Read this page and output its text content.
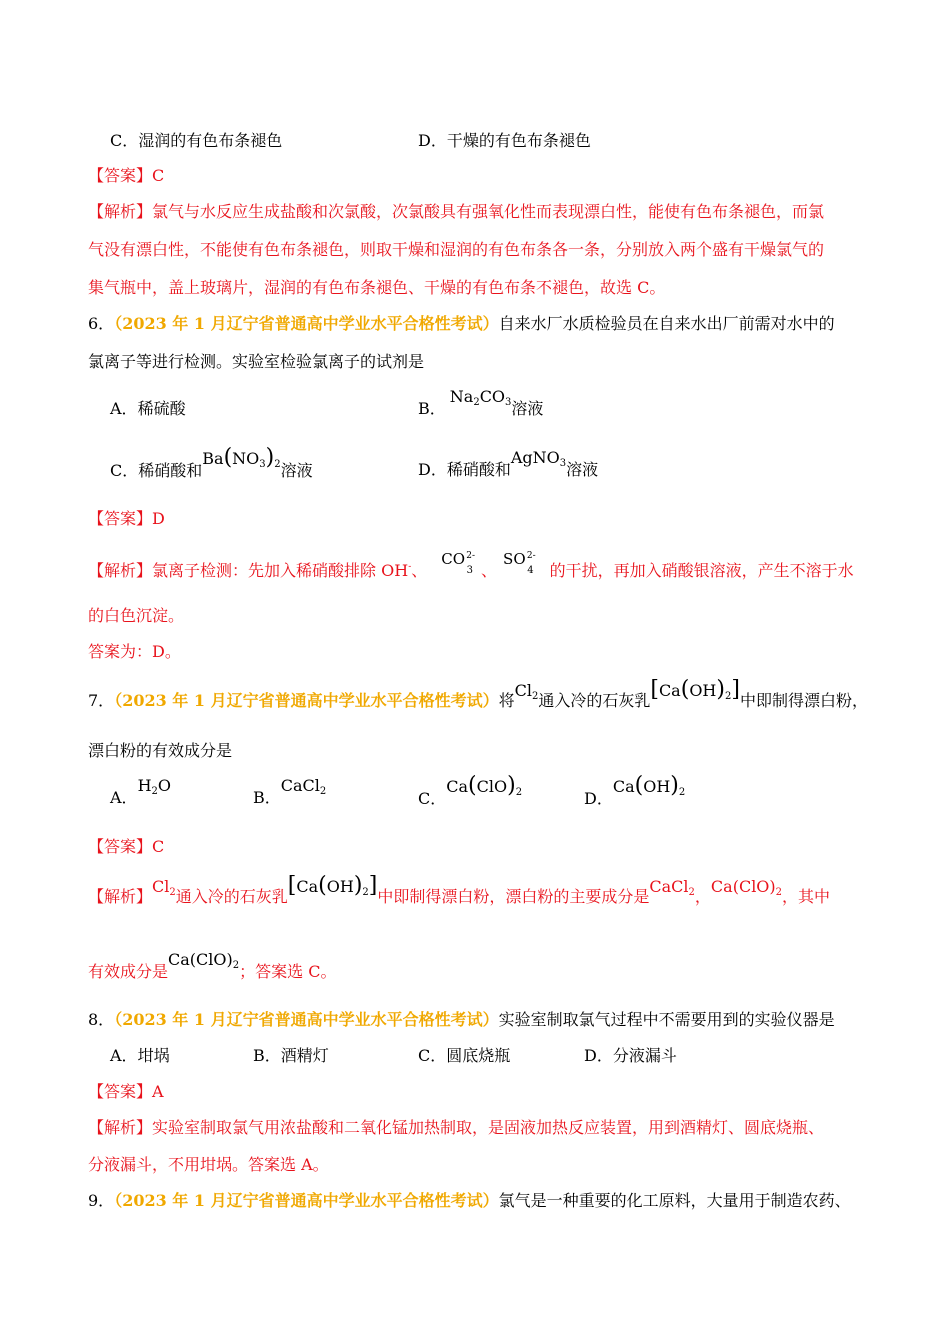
C．湿润的有色布条褪色	D．干燥的有色布条褪色
【答案】C
【解析】氯气与水反应生成盐酸和次氯酸，次氯酸具有强氧化性而表现漂白性，能使有色布条褪色，而氯
气没有漂白性，不能使有色布条褪色，则取干燥和湿润的有色布条各一条，分别放入两个盛有干燥氯气的
集气瓶中，盖上玻璃片，湿润的有色布条褪色、干燥的有色布条不褪色，故选 C。
6．（2023 年 1 月辽宁省普通高中学业水平合格性考试）自来水厂水质检验员在自来水出厂前需对水中的
氯离子等进行检测。实验室检验氯离子的试剂是
A．稀硫酸	B．$Na_2CO_3$溶液
C．稀硝酸和$Ba(NO_3)_2$溶液	D．稀硝酸和AgNO$_3$溶液
【答案】D
【解析】氯离子检测：先加入稀硝酸排除 OH-、CO 2-
3 、SO 2-
4 的干扰，再加入硝酸银溶液，产生不溶于水
的白色沉淀。
答案为：D。
7．（2023 年 1 月辽宁省普通高中学业水平合格性考试）将$Cl_2$通入冷的石灰乳$[Ca(OH)_2]$中即制得漂白粉，
漂白粉的有效成分是
A．$H_2O$
B．CaCl$_2$	C．$Ca(ClO)_2$	D．$Ca(OH)_2$
【答案】C
【解析】$Cl_2$通入冷的石灰乳$[Ca(OH)_2]$中即制得漂白粉，漂白粉的主要成分是CaCl$_2$，$Ca(ClO)_2$，其中
有效成分是$Ca(ClO)_2$；答案选 C。
8．（2023 年 1 月辽宁省普通高中学业水平合格性考试）实验室制取氯气过程中不需要用到的实验仪器是
A．坩埚	B．酒精灯	C．圆底烧瓶	D．分液漏斗
【答案】A
【解析】实验室制取氯气用浓盐酸和二氧化锰加热制取，是固液加热反应装置，用到酒精灯、圆底烧瓶、
分液漏斗，不用坩埚。答案选 A。
9．（2023 年 1 月辽宁省普通高中学业水平合格性考试）氯气是一种重要的化工原料，大量用于制造农药、
